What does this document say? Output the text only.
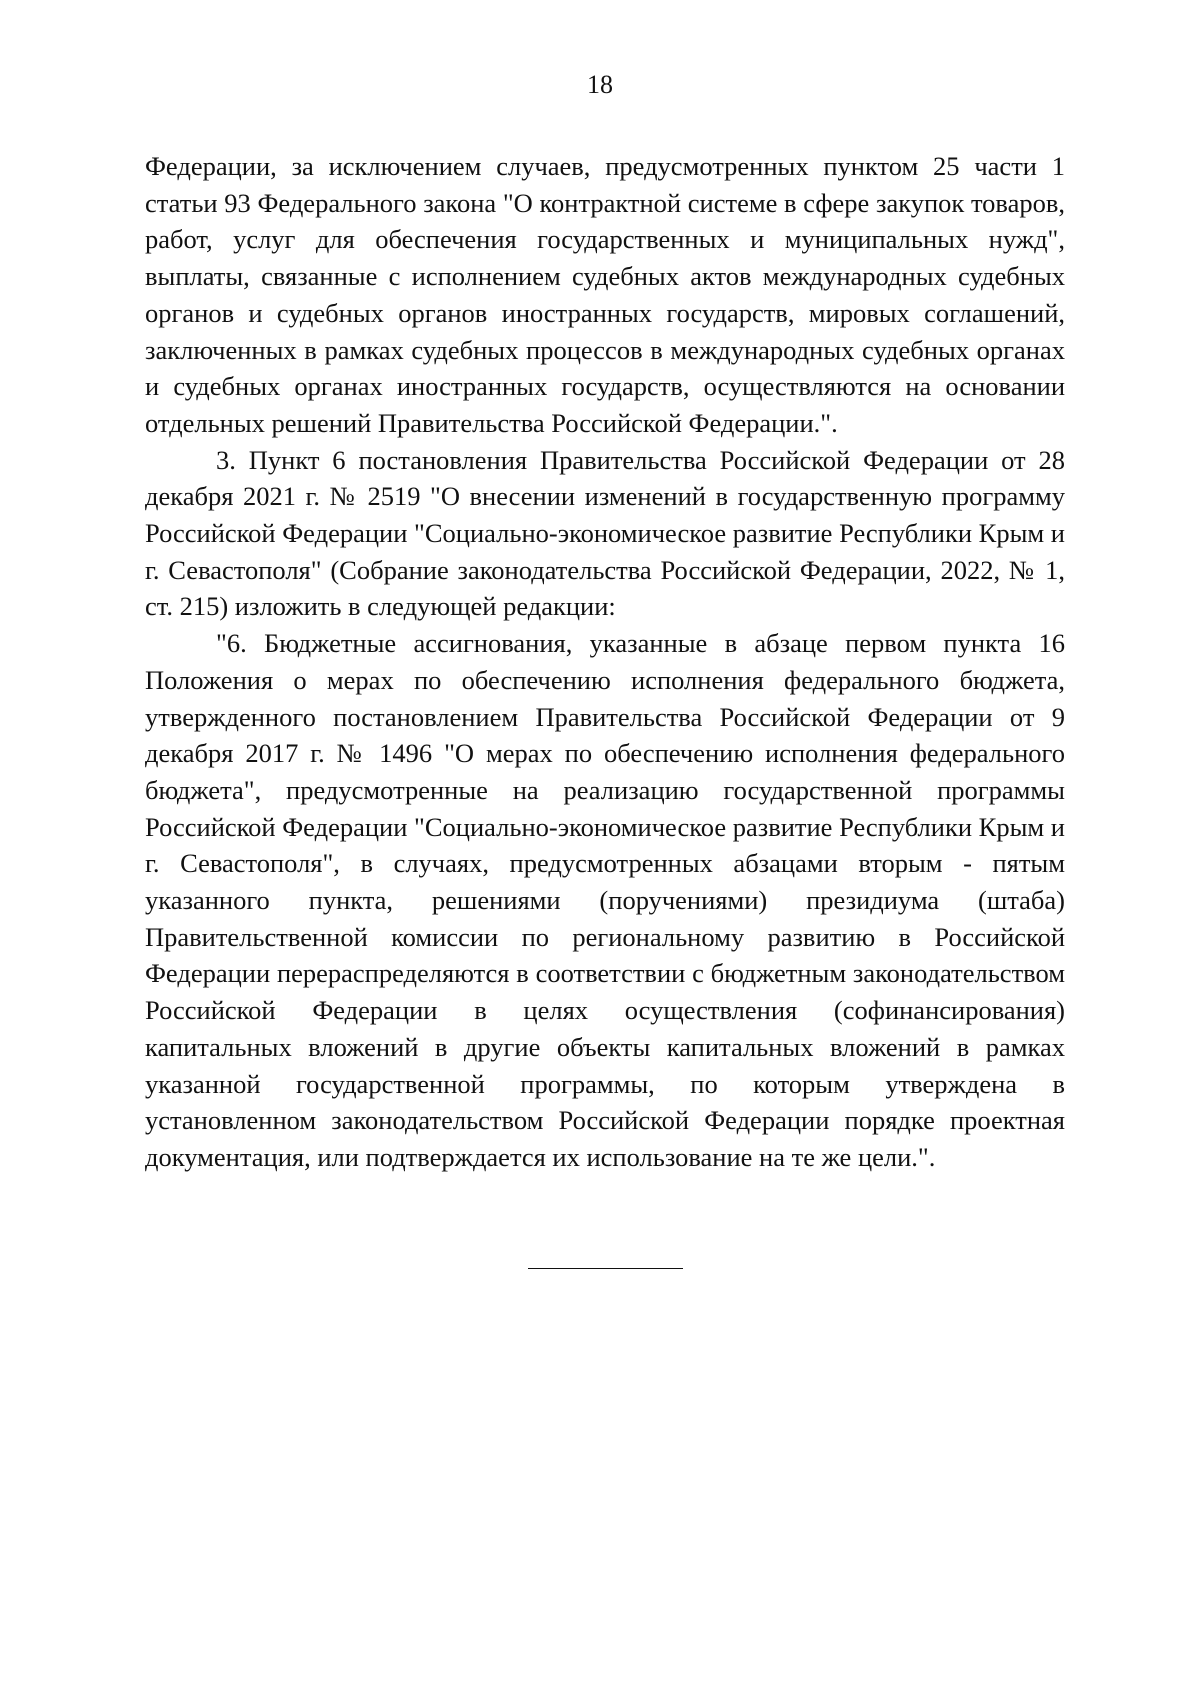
18

Федерации, за исключением случаев, предусмотренных пунктом 25 части 1 статьи 93 Федерального закона "О контрактной системе в сфере закупок товаров, работ, услуг для обеспечения государственных и муниципальных нужд", выплаты, связанные с исполнением судебных актов международных судебных органов и судебных органов иностранных государств, мировых соглашений, заключенных в рамках судебных процессов в международных судебных органах и судебных органах иностранных государств, осуществляются на основании отдельных решений Правительства Российской Федерации.".

3. Пункт 6 постановления Правительства Российской Федерации от 28 декабря 2021 г. № 2519 "О внесении изменений в государственную программу Российской Федерации "Социально-экономическое развитие Республики Крым и г. Севастополя" (Собрание законодательства Российской Федерации, 2022, № 1, ст. 215) изложить в следующей редакции:

"6. Бюджетные ассигнования, указанные в абзаце первом пункта 16 Положения о мерах по обеспечению исполнения федерального бюджета, утвержденного постановлением Правительства Российской Федерации от 9 декабря 2017 г. № 1496 "О мерах по обеспечению исполнения федерального бюджета", предусмотренные на реализацию государственной программы Российской Федерации "Социально-экономическое развитие Республики Крым и г. Севастополя", в случаях, предусмотренных абзацами вторым - пятым указанного пункта, решениями (поручениями) президиума (штаба) Правительственной комиссии по региональному развитию в Российской Федерации перераспределяются в соответствии с бюджетным законодательством Российской Федерации в целях осуществления (софинансирования) капитальных вложений в другие объекты капитальных вложений в рамках указанной государственной программы, по которым утверждена в установленном законодательством Российской Федерации порядке проектная документация, или подтверждается их использование на те же цели.".
